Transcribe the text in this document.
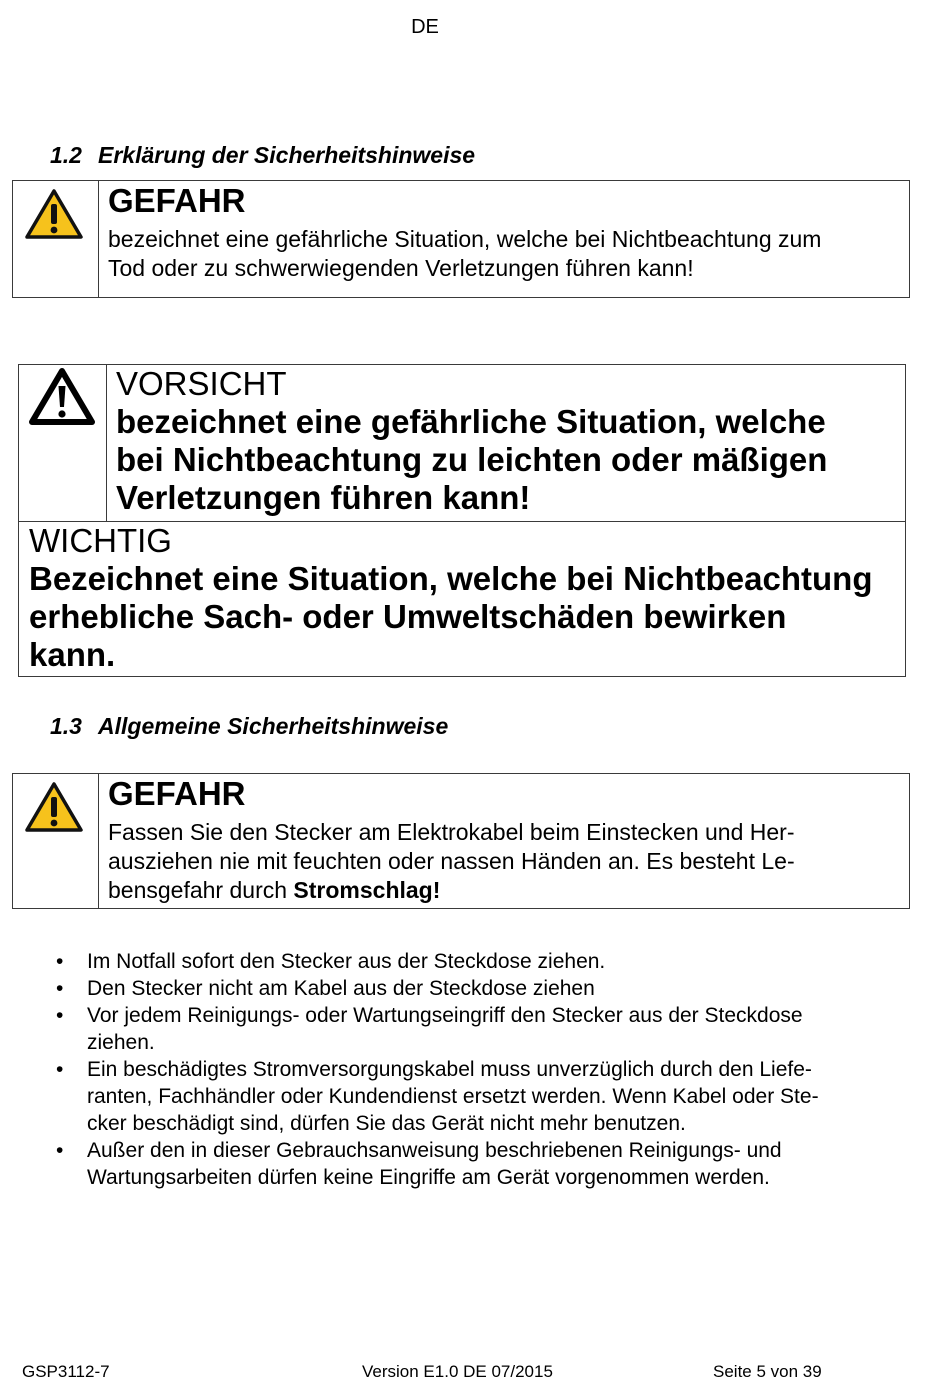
DE
1.2 Erklärung der Sicherheitshinweise
GEFAHR
bezeichnet eine gefährliche Situation, welche bei Nichtbeachtung zum
Tod oder zu schwerwiegenden Verletzungen führen kann!
VORSICHT
bezeichnet eine gefährliche Situation, welche
bei Nichtbeachtung zu leichten oder mäßigen
Verletzungen führen kann!
WICHTIG
Bezeichnet eine Situation, welche bei Nichtbeachtung
erhebliche Sach- oder Umweltschäden bewirken
kann.
1.3 Allgemeine Sicherheitshinweise
GEFAHR
Fassen Sie den Stecker am Elektrokabel beim Einstecken und Her-
ausziehen nie mit feuchten oder nassen Händen an. Es besteht Le-
bensgefahr durch Stromschlag!
• Im Notfall sofort den Stecker aus der Steckdose ziehen.
• Den Stecker nicht am Kabel aus der Steckdose ziehen
• Vor jedem Reinigungs- oder Wartungseingriff den Stecker aus der Steckdose
ziehen.
• Ein beschädigtes Stromversorgungskabel muss unverzüglich durch den Liefe-
ranten, Fachhändler oder Kundendienst ersetzt werden. Wenn Kabel oder Ste-
cker beschädigt sind, dürfen Sie das Gerät nicht mehr benutzen.
• Außer den in dieser Gebrauchsanweisung beschriebenen Reinigungs- und
Wartungsarbeiten dürfen keine Eingriffe am Gerät vorgenommen werden.
GSP3112-7	Version E1.0 DE 07/2015	Seite 5 von 39
